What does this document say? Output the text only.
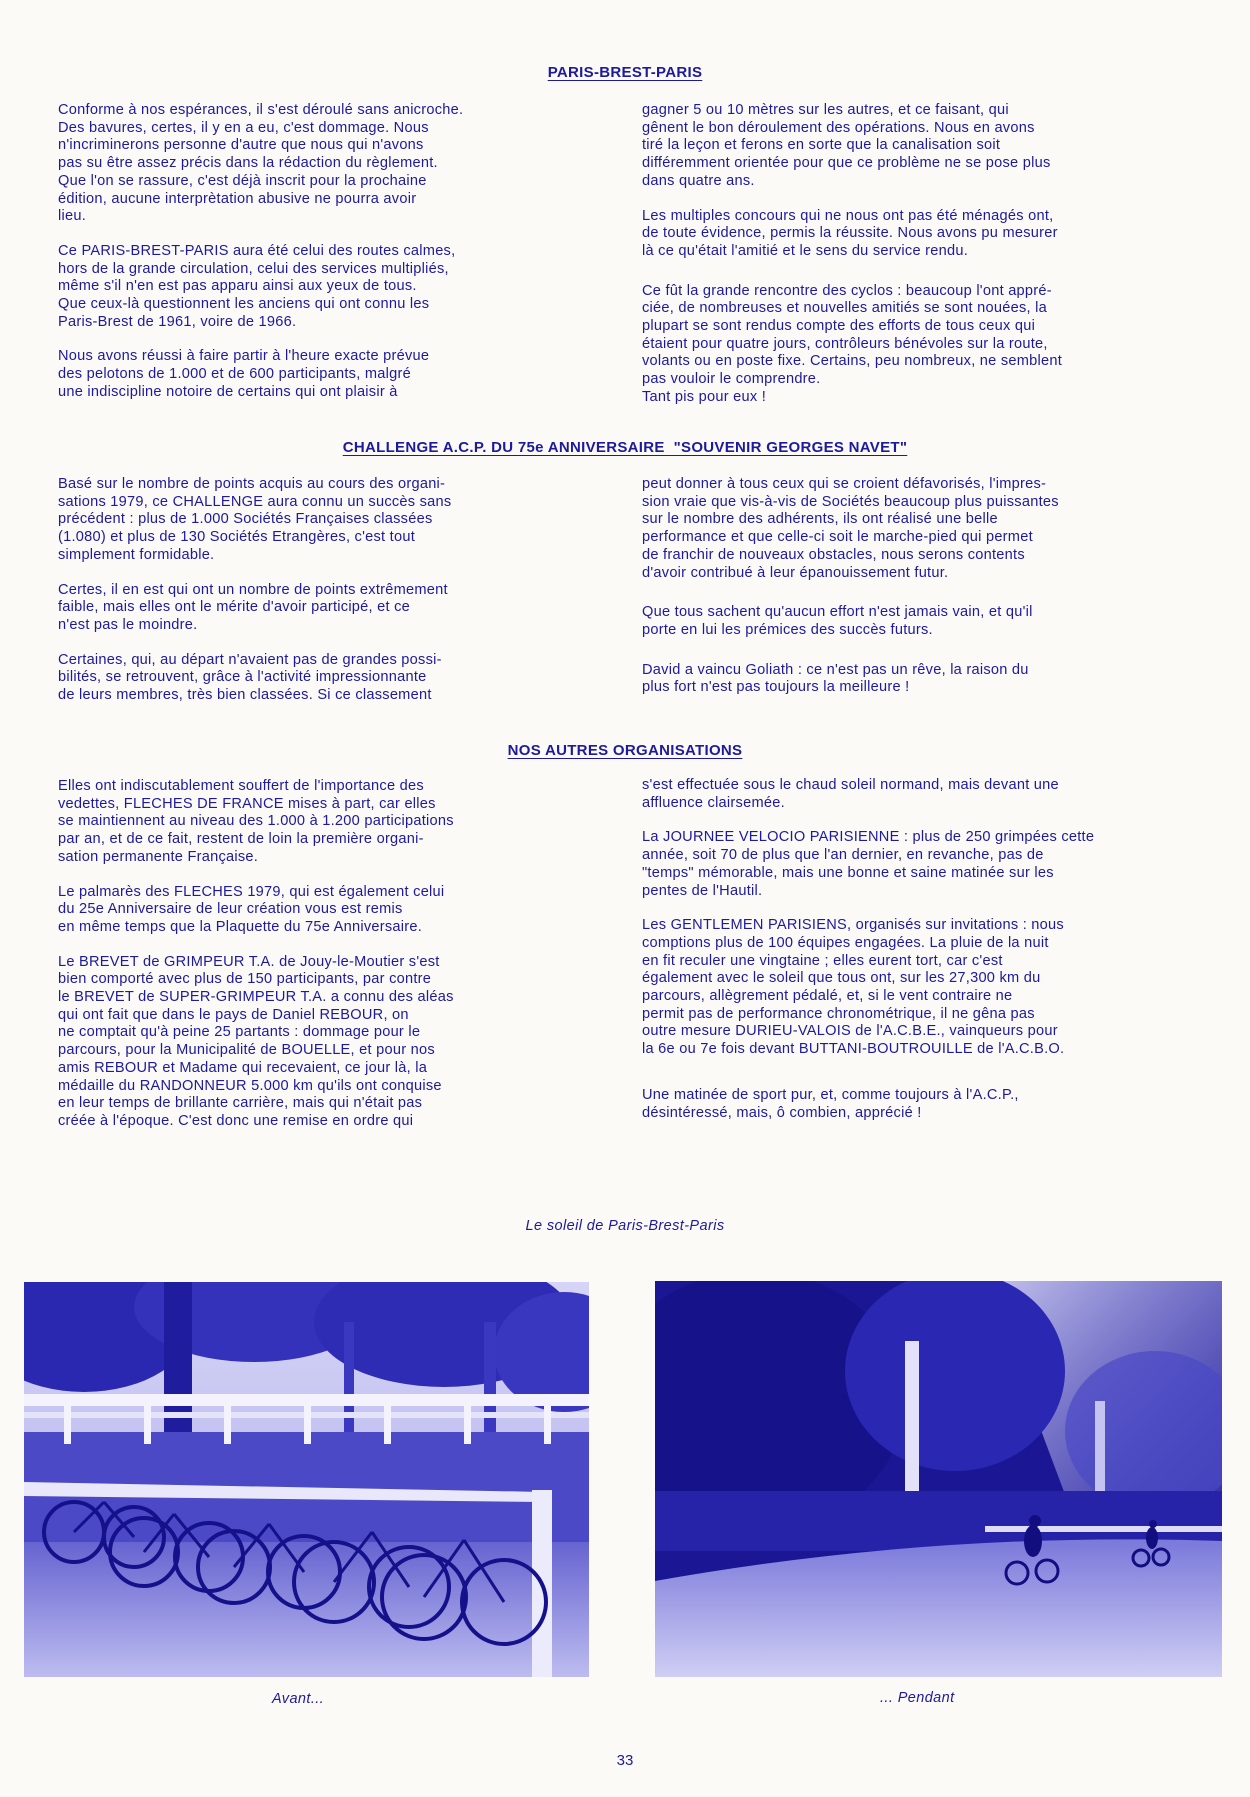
PARIS-BREST-PARIS

Conforme à nos espérances, il s'est déroulé sans anicroche.
Des bavures, certes, il y en a eu, c'est dommage. Nous
n'incriminerons personne d'autre que nous qui n'avons
pas su être assez précis dans la rédaction du règlement.
Que l'on se rassure, c'est déjà inscrit pour la prochaine
édition, aucune interprètation abusive ne pourra avoir
lieu.

Ce PARIS-BREST-PARIS aura été celui des routes calmes,
hors de la grande circulation, celui des services multipliés,
même s'il n'en est pas apparu ainsi aux yeux de tous.
Que ceux-là questionnent les anciens qui ont connu les
Paris-Brest de 1961, voire de 1966.

Nous avons réussi à faire partir à l'heure exacte prévue
des pelotons de 1.000 et de 600 participants, malgré
une indiscipline notoire de certains qui ont plaisir à

gagner 5 ou 10 mètres sur les autres, et ce faisant, qui
gênent le bon déroulement des opérations. Nous en avons
tiré la leçon et ferons en sorte que la canalisation soit
différemment orientée pour que ce problème ne se pose plus
dans quatre ans.

Les multiples concours qui ne nous ont pas été ménagés ont,
de toute évidence, permis la réussite. Nous avons pu mesurer
là ce qu'était l'amitié et le sens du service rendu.

Ce fût la grande rencontre des cyclos : beaucoup l'ont appré-
ciée, de nombreuses et nouvelles amitiés se sont nouées, la
plupart se sont rendus compte des efforts de tous ceux qui
étaient pour quatre jours, contrôleurs bénévoles sur la route,
volants ou en poste fixe. Certains, peu nombreux, ne semblent
pas vouloir le comprendre.
Tant pis pour eux !

CHALLENGE A.C.P. DU 75e ANNIVERSAIRE  "SOUVENIR GEORGES NAVET"

Basé sur le nombre de points acquis au cours des organi-
sations 1979, ce CHALLENGE aura connu un succès sans
précédent : plus de 1.000 Sociétés Françaises classées
(1.080) et plus de 130 Sociétés Etrangères, c'est tout
simplement formidable.

Certes, il en est qui ont un nombre de points extrêmement
faible, mais elles ont le mérite d'avoir participé, et ce
n'est pas le moindre.

Certaines, qui, au départ n'avaient pas de grandes possi-
bilités, se retrouvent, grâce à l'activité impressionnante
de leurs membres, très bien classées. Si ce classement

peut donner à tous ceux qui se croient défavorisés, l'impres-
sion vraie que vis-à-vis de Sociétés beaucoup plus puissantes
sur le nombre des adhérents, ils ont réalisé une belle
performance et que celle-ci soit le marche-pied qui permet
de franchir de nouveaux obstacles, nous serons contents
d'avoir contribué à leur épanouissement futur.

Que tous sachent qu'aucun effort n'est jamais vain, et qu'il
porte en lui les prémices des succès futurs.

David a vaincu Goliath : ce n'est pas un rêve, la raison du
plus fort n'est pas toujours la meilleure !

NOS AUTRES ORGANISATIONS

Elles ont indiscutablement souffert de l'importance des
vedettes, FLECHES DE FRANCE mises à part, car elles
se maintiennent au niveau des 1.000 à 1.200 participations
par an, et de ce fait, restent de loin la première organi-
sation permanente Française.

Le palmarès des FLECHES 1979, qui est également celui
du 25e Anniversaire de leur création vous est remis
en même temps que la Plaquette du 75e Anniversaire.

Le BREVET de GRIMPEUR T.A. de Jouy-le-Moutier s'est
bien comporté avec plus de 150 participants, par contre
le BREVET de SUPER-GRIMPEUR T.A. a connu des aléas
qui ont fait que dans le pays de Daniel REBOUR, on
ne comptait qu'à peine 25 partants : dommage pour le
parcours, pour la Municipalité de BOUELLE, et pour nos
amis REBOUR et Madame qui recevaient, ce jour là, la
médaille du RANDONNEUR 5.000 km qu'ils ont conquise
en leur temps de brillante carrière, mais qui n'était pas
créée à l'époque. C'est donc une remise en ordre qui

s'est effectuée sous le chaud soleil normand, mais devant une
affluence clairsemée.

La JOURNEE VELOCIO PARISIENNE : plus de 250 grimpées cette
année, soit 70 de plus que l'an dernier, en revanche, pas de
"temps" mémorable, mais une bonne et saine matinée sur les
pentes de l'Hautil.

Les GENTLEMEN PARISIENS, organisés sur invitations : nous
comptions plus de 100 équipes engagées. La pluie de la nuit
en fit reculer une vingtaine ; elles eurent tort, car c'est
également avec le soleil que tous ont, sur les 27,300 km du
parcours, allègrement pédalé, et, si le vent contraire ne
permit pas de performance chronométrique, il ne gêna pas
outre mesure DURIEU-VALOIS de l'A.C.B.E., vainqueurs pour
la 6e ou 7e fois devant BUTTANI-BOUTROUILLE de l'A.C.B.O.

Une matinée de sport pur, et, comme toujours à l'A.C.P.,
désintéressé, mais, ô combien, apprécié !

Le soleil de Paris-Brest-Paris
Avant...	... Pendant
33
